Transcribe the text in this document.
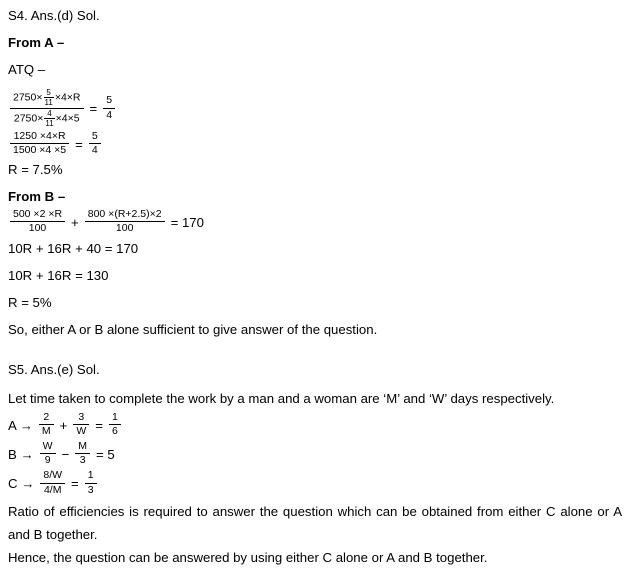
S4. Ans.(d) Sol.
From A –
ATQ –
$\frac{2750\times \frac{5}{11} \times 4\times R}{2750\times \frac{4}{11} \times 4\times 5} = \frac{5}{4}$
$\frac{1250 \times 4\times R}{1500 \times 4 \times 5} = \frac{5}{4}$
R = 7.5%
From B –
$\frac{500 \times 2 \times R}{100} + \frac{800 \times(R+2.5)\times 2}{100} = 170$
10R + 16R + 40 = 170
10R + 16R = 130
R = 5%
So, either A or B alone sufficient to give answer of the question.
S5. Ans.(e) Sol.
Let time taken to complete the work by a man and a woman are ‘M’ and ‘W’ days respectively.
$A \to \frac{2}{M} + \frac{3}{W} = \frac{1}{6}$
$B \to \frac{W}{9} - \frac{M}{3} = 5$
$C \to \frac{8/W}{4/M} = \frac{1}{3}$
Ratio of efficiencies is required to answer the question which can be obtained from either C alone or A and B together.
Hence, the question can be answered by using either C alone or A and B together.
